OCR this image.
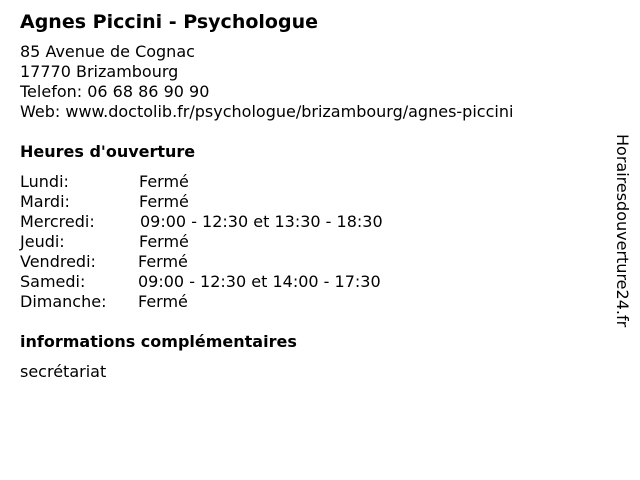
Agnes Piccini - Psychologue
85 Avenue de Cognac
17770 Brizambourg
Telefon: 06 68 86 90 90
Web: www.doctolib.fr/psychologue/brizambourg/agnes-piccini
Heures d'ouverture
Lundi:	Fermé
Mardi:	Fermé
Mercredi:	09:00 - 12:30 et 13:30 - 18:30
Jeudi:	Fermé
Vendredi:	Fermé
Samedi:	09:00 - 12:30 et 14:00 - 17:30
Dimanche: Fermé
informations complémentaires
secrétariat
Horairesdouverture24.fr
